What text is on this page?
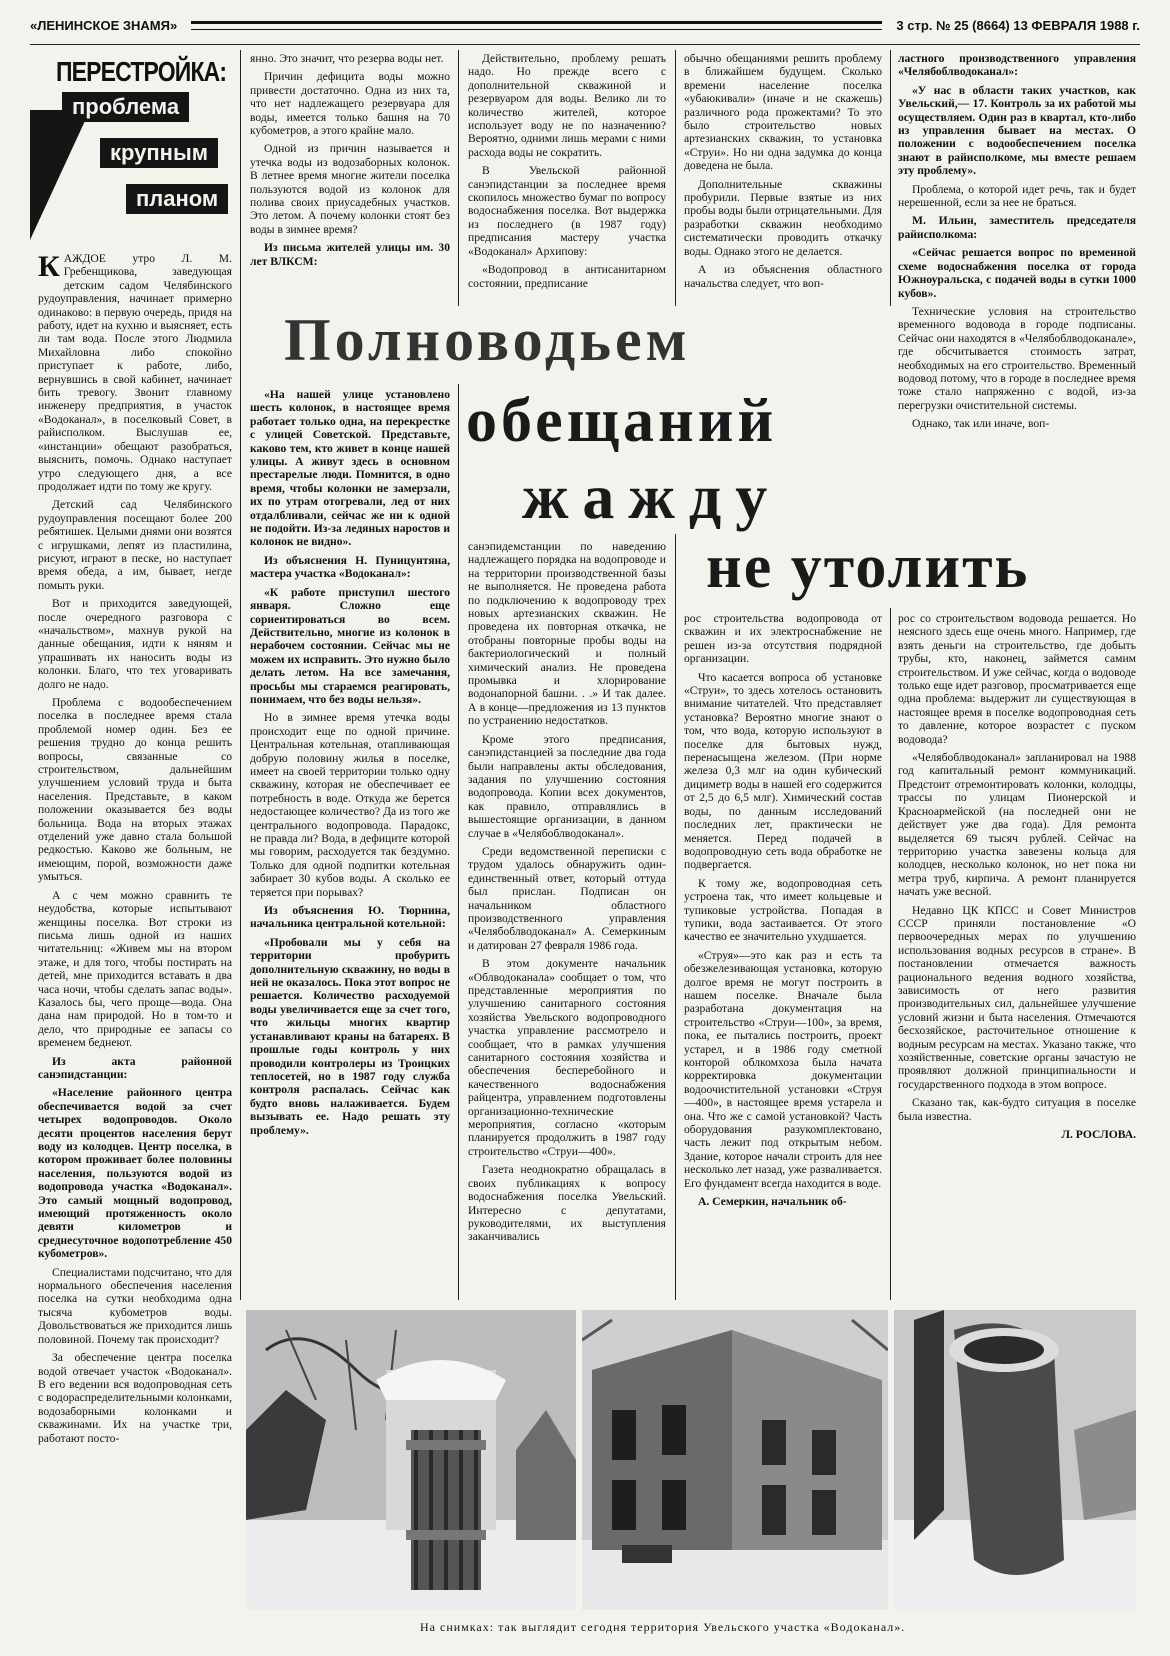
«ЛЕНИНСКОЕ ЗНАМЯ»	3 стр. № 25 (8664) 13 ФЕВРАЛЯ 1988 г.
ПЕРЕСТРОЙКА:
проблема
крупным
планом

КАЖДОЕ утро Л. М. Гребенщикова, заведующая детским садом Челябинского рудоуправления, начинает примерно одинаково: в первую очередь, придя на работу, идет на кухню и выясняет, есть ли там вода. После этого Людмила Михайловна либо спокойно приступает к работе, либо, вернувшись в свой кабинет, начинает бить тревогу. Звонит главному инженеру предприятия, в участок «Водоканал», в поселковый Совет, в райисполком. Выслушав ее, «инстанции» обещают разобраться, выяснить, помочь. Однако наступает утро следующего дня, а все продолжает идти по тому же кругу.

Детский сад Челябинского рудоуправления посещают более 200 ребятишек. Целыми днями они возятся с игрушками, лепят из пластилина, рисуют, играют в песке, но наступает время обеда, а им, бывает, негде помыть руки.

Вот и приходится заведующей, после очередного разговора с «начальством», махнув рукой на данные обещания, идти к няням и упрашивать их наносить воды из колонки. Благо, что тех уговаривать долго не надо.

Проблема с водообеспечением поселка в последнее время стала проблемой номер один. Без ее решения трудно до конца решить вопросы, связанные со строительством, дальнейшим улучшением условий труда и быта населения. Представьте, в каком положении оказывается без воды больница. Вода на вторых этажах отделений уже давно стала большой редкостью. Каково же больным, не имеющим, порой, возможности даже умыться.

А с чем можно сравнить те неудобства, которые испытывают женщины поселка. Вот строки из письма лишь одной из наших читательниц: «Живем мы на втором этаже, и для того, чтобы постирать на детей, мне приходится вставать в два часа ночи, чтобы сделать запас воды». Казалось бы, чего проще—вода. Она дана нам природой. Но в том-то и дело, что природные ее запасы со временем беднеют.

Из акта районной санэпидстанции:

«Население районного центра обеспечивается водой за счет четырех водопроводов. Около десяти процентов населения берут воду из колодцев. Центр поселка, в котором проживает более половины населения, пользуются водой из водопровода участка «Водоканал». Это самый мощный водопровод, имеющий протяженность около девяти километров и среднесуточное водопотребление 450 кубометров».

Специалистами подсчитано, что для нормального обеспечения населения поселка на сутки необходима одна тысяча кубометров воды. Довольствоваться же приходится лишь половиной. Почему так происходит?

За обеспечение центра поселка водой отвечает участок «Водоканал». В его ведении вся водопроводная сеть с водораспределительными колонками, водозаборными колонками и скважинами. Их на участке три, работают посто-

янно. Это значит, что резерва воды нет.

Причин дефицита воды можно привести достаточно. Одна из них та, что нет надлежащего резервуара для воды, имеется только башня на 70 кубометров, а этого крайне мало.

Одной из причин называется и утечка воды из водозаборных колонок. В летнее время многие жители поселка пользуются водой из колонок для полива своих приусадебных участков. Это летом. А почему колонки стоят без воды в зимнее время?

Из письма жителей улицы им. 30 лет ВЛКСМ:

Действительно, проблему решать надо. Но прежде всего с дополнительной скважиной и резервуаром для воды. Велико ли то количество жителей, которое использует воду не по назначению? Вероятно, одними лишь мерами с ними расхода воды не сократить.

В Увельской районной санэпидстанции за последнее время скопилось множество бумаг по вопросу водоснабжения поселка. Вот выдержка из последнего (в 1987 году) предписания мастеру участка «Водоканал» Архипову:

«Водопровод в антисанитарном состоянии, предписание

обычно обещаниями решить проблему в ближайшем будущем. Сколько времени население поселка «убаюкивали» (иначе и не скажешь) различного рода прожектами? То это было строительство новых артезианских скважин, то установка «Струи». Но ни одна задумка до конца доведена не была.

Дополнительные скважины пробурили. Первые взятые из них пробы воды были отрицательными. Для разработки скважин необходимо систематически проводить откачку воды. Однако этого не делается.

А из объяснения областного начальства следует, что воп-

ластного производственного управления «Челябоблводоканал»:

«У нас в области таких участков, как Увельский,— 17. Контроль за их работой мы осуществляем. Один раз в квартал, кто-либо из управления бывает на местах. О положении с водообеспечением поселка знают в райисполкоме, мы вместе решаем эту проблему».

Проблема, о которой идет речь, так и будет нерешенной, если за нее не браться.

М. Ильин, заместитель председателя райисполкома:

«Сейчас решается вопрос по временной схеме водоснабжения поселка от города Южноуральска, с подачей воды в сутки 1000 кубов».

Технические условия на строительство временного водовода в городе подписаны. Сейчас они находятся в «Челябоблводоканале», где обсчитывается стоимость затрат, необходимых на его строительство. Временный водовод потому, что в городе в последнее время тоже стало напряженно с водой, из-за перегрузки очистительной системы.

Однако, так или иначе, воп-

Полноводьем
обещаний
жажду
не утолить

«На нашей улице установлено шесть колонок, в настоящее время работает только одна, на перекрестке с улицей Советской. Представьте, каково тем, кто живет в конце нашей улицы. А живут здесь в основном престарелые люди. Помнится, в одно время, чтобы колонки не замерзали, их по утрам отогревали, лед от них отдалбливали, сейчас же ни к одной не подойти. Из-за ледяных наростов и колонок не видно».

Из объяснения Н. Пуницунтяна, мастера участка «Водоканал»:

«К работе приступил шестого января. Сложно еще сориентироваться во всем. Действительно, многие из колонок в нерабочем состоянии. Сейчас мы не можем их исправить. Это нужно было делать летом. На все замечания, просьбы мы стараемся реагировать, понимаем, что без воды нельзя».

Но в зимнее время утечка воды происходит еще по одной причине. Центральная котельная, отапливающая добрую половину жилья в поселке, имеет на своей территории только одну скважину, которая не обеспечивает ее потребность в воде. Откуда же берется недостающее количество? Да из того же центрального водопровода. Парадокс, не правда ли? Вода, в дефиците которой мы говорим, расходуется так бездумно. Только для одной подпитки котельная забирает 30 кубов воды. А сколько ее теряется при порывах?

Из объяснения Ю. Тюрнина, начальника центральной котельной:

«Пробовали мы у себя на территории пробурить дополнительную скважину, но воды в ней не оказалось. Пока этот вопрос не решается. Количество расходуемой воды увеличивается еще за счет того, что жильцы многих квартир устанавливают краны на батареях. В прошлые годы контроль у них проводили контролеры из Троицких теплосетей, но в 1987 году служба контроля распалась. Сейчас как будто вновь налаживается. Будем вызывать ее. Надо решать эту проблему».

санэпидемстанции по наведению надлежащего порядка на водопроводе и на территории производственной базы не выполняется. Не проведена работа по подключению к водопроводу трех новых артезианских скважин. Не проведена их повторная откачка, не отобраны повторные пробы воды на бактериологический и полный химический анализ. Не проведена промывка и хлорирование водонапорной башни. . .» И так далее. А в конце—предложения из 13 пунктов по устранению недостатков.

Кроме этого предписания, санэпидстанцией за последние два года были направлены акты обследования, задания по улучшению состояния водопровода. Копии всех документов, как правило, отправлялись в вышестоящие организации, в данном случае в «Челябоблводоканал».

Среди ведомственной переписки с трудом удалось обнаружить один-единственный ответ, который оттуда был прислан. Подписан он начальником областного производственного управления «Челябоблводоканал» А. Семеркиным и датирован 27 февраля 1986 года.

В этом документе начальник «Облводоканала» сообщает о том, что представленные мероприятия по улучшению санитарного состояния хозяйства Увельского водопроводного участка управление рассмотрело и сообщает, что в рамках улучшения санитарного состояния хозяйства и обеспечения бесперебойного и качественного водоснабжения райцентра, управлением подготовлены организационно-технические мероприятия, согласно «которым планируется продолжить в 1987 году строительство «Струи—400».

Газета неоднократно обращалась в своих публикациях к вопросу водоснабжения поселка Увельский. Интересно с депутатами, руководителями, их выступления заканчивались

рос строительства водопровода от скважин и их электроснабжение не решен из-за отсутствия подрядной организации.

Что касается вопроса об установке «Струи», то здесь хотелось остановить внимание читателей. Что представляет установка? Вероятно многие знают о том, что вода, которую используют в поселке для бытовых нужд, перенасыщена железом. (При норме железа 0,3 млг на один кубический дициметр воды в нашей его содержится от 2,5 до 6,5 млг). Химический состав воды, по данным исследований последних лет, практически не меняется. Перед подачей в водопроводную сеть вода обработке не подвергается.

К тому же, водопроводная сеть устроена так, что имеет кольцевые и тупиковые устройства. Попадая в тупики, вода застаивается. От этого качество ее значительно ухудшается.

«Струя»—это как раз и есть та обезжелезивающая установка, которую долгое время не могут построить в нашем поселке. Вначале была разработана документация на строительство «Струи—100», за время, пока, ее пытались построить, проект устарел, и в 1986 году сметной конторой облкомхоза была начата корректировка документации водоочистительной установки «Струя—400», в настоящее время устарела и она. Что же с самой установкой? Часть оборудования разукомплектовано, часть лежит под открытым небом. Здание, которое начали строить для нее несколько лет назад, уже разваливается. Его фундамент всегда находится в воде.

А. Семеркин, начальник об-

рос со строительством водовода решается. Но неясного здесь еще очень много. Например, где взять деньги на строительство, где добыть трубы, кто, наконец, займется самим строительством. И уже сейчас, когда о водоводе только еще идет разговор, просматривается еще одна проблема: выдержит ли существующая в настоящее время в поселке водопроводная сеть то давление, которое возрастет с пуском водовода?

«Челябоблводоканал» запланировал на 1988 год капитальный ремонт коммуникаций. Предстоит отремонтировать колонки, колодцы, трассы по улицам Пионерской и Красноармейской (на последней они не действует уже два года). Для ремонта выделяется 69 тысяч рублей. Сейчас на территорию участка завезены кольца для колодцев, несколько колонок, но нет пока ни метра труб, кирпича. А ремонт планируется начать уже весной.

Недавно ЦК КПСС и Совет Министров СССР приняли постановление «О первоочередных мерах по улучшению использования водных ресурсов в стране». В постановлении отмечается важность рационального ведения водного хозяйства, зависимость от него развития производительных сил, дальнейшее улучшение условий жизни и быта населения. Отмечаются бесхозяйское, расточительное отношение к водным ресурсам на местах. Указано также, что хозяйственные, советские органы зачастую не проявляют должной принципиальности и государственного подхода в этом вопросе.

Сказано так, как-будто ситуация в поселке была известна.

Л. РОСЛОВА.

На снимках: так выглядит сегодня территория Увельского участка «Водоканал».
